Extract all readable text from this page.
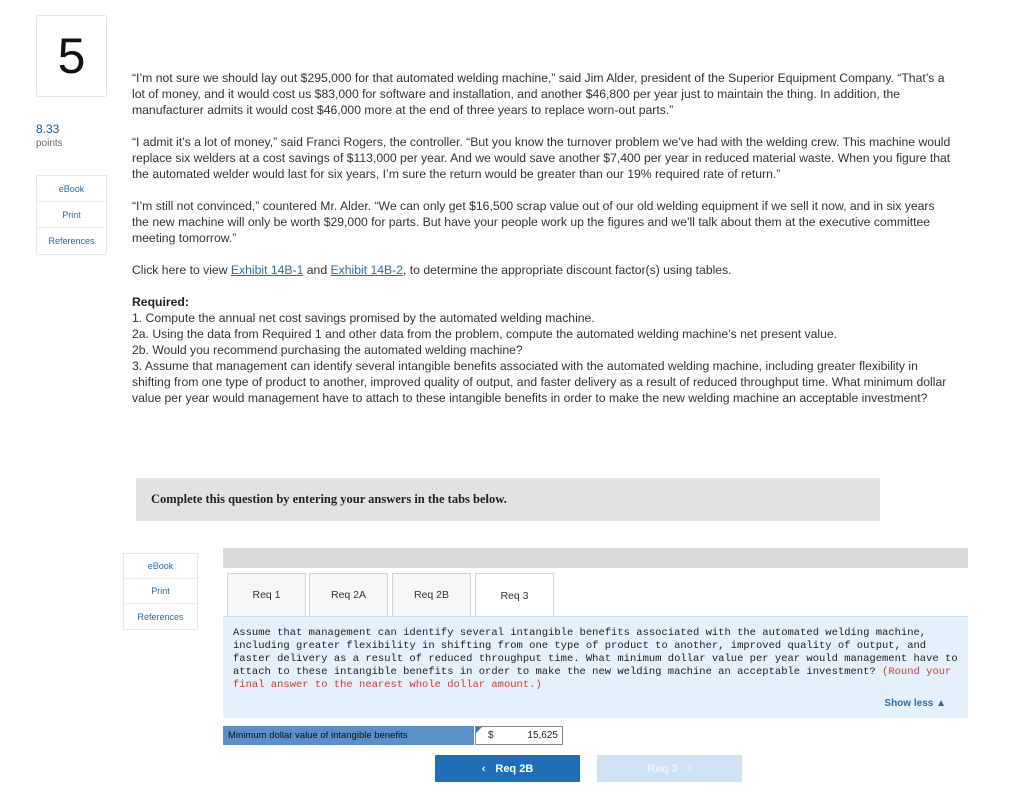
5
8.33
points
eBook
Print
References

“I’m not sure we should lay out $295,000 for that automated welding machine,” said Jim Alder, president of the Superior Equipment Company. “That’s a lot of money, and it would cost us $83,000 for software and installation, and another $46,800 per year just to maintain the thing. In addition, the manufacturer admits it would cost $46,000 more at the end of three years to replace worn-out parts.”

“I admit it’s a lot of money,” said Franci Rogers, the controller. “But you know the turnover problem we’ve had with the welding crew. This machine would replace six welders at a cost savings of $113,000 per year. And we would save another $7,400 per year in reduced material waste. When you figure that the automated welder would last for six years, I’m sure the return would be greater than our 19% required rate of return.”

“I’m still not convinced,” countered Mr. Alder. “We can only get $16,500 scrap value out of our old welding equipment if we sell it now, and in six years the new machine will only be worth $29,000 for parts. But have your people work up the figures and we’ll talk about them at the executive committee meeting tomorrow.”

Click here to view Exhibit 14B-1 and Exhibit 14B-2, to determine the appropriate discount factor(s) using tables.

Required:
1. Compute the annual net cost savings promised by the automated welding machine.
2a. Using the data from Required 1 and other data from the problem, compute the automated welding machine’s net present value.
2b. Would you recommend purchasing the automated welding machine?
3. Assume that management can identify several intangible benefits associated with the automated welding machine, including greater flexibility in shifting from one type of product to another, improved quality of output, and faster delivery as a result of reduced throughput time. What minimum dollar value per year would management have to attach to these intangible benefits in order to make the new welding machine an acceptable investment?
Complete this question by entering your answers in the tabs below.
eBook
Print
References
Req 1	Req 2A	Req 2B	Req 3
Assume that management can identify several intangible benefits associated with the automated welding machine, including greater flexibility in shifting from one type of product to another, improved quality of output, and faster delivery as a result of reduced throughput time. What minimum dollar value per year would management have to attach to these intangible benefits in order to make the new welding machine an acceptable investment? (Round your final answer to the nearest whole dollar amount.)
Show less ▲
Minimum dollar value of intangible benefits	$	15,625
‹ Req 2B	Req 3 ›
